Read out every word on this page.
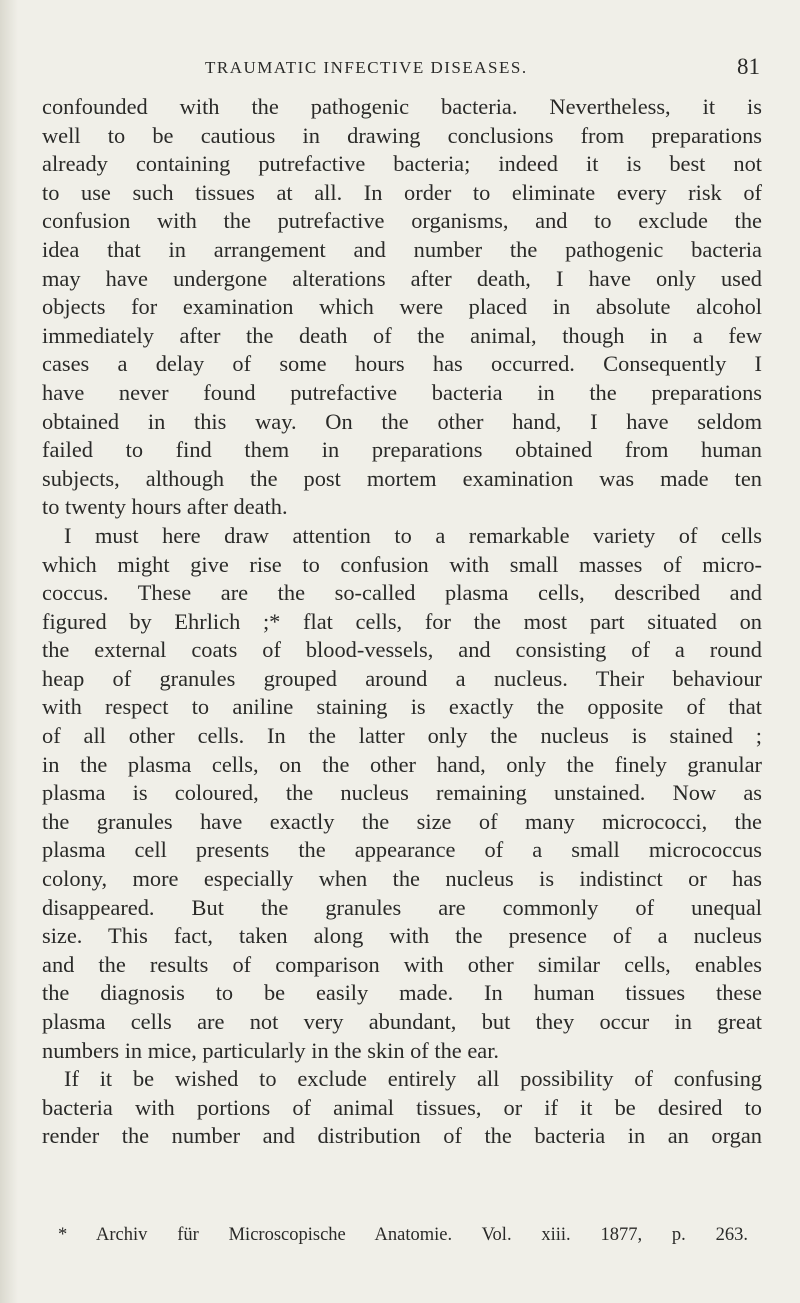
TRAUMATIC INFECTIVE DISEASES.	81
confounded with the pathogenic bacteria. Nevertheless, it is
well to be cautious in drawing conclusions from preparations
already containing putrefactive bacteria; indeed it is best not
to use such tissues at all. In order to eliminate every risk of
confusion with the putrefactive organisms, and to exclude the
idea that in arrangement and number the pathogenic bacteria
may have undergone alterations after death, I have only used
objects for examination which were placed in absolute alcohol
immediately after the death of the animal, though in a few
cases a delay of some hours has occurred. Consequently I
have never found putrefactive bacteria in the preparations
obtained in this way. On the other hand, I have seldom
failed to find them in preparations obtained from human
subjects, although the post mortem examination was made ten
to twenty hours after death.
I must here draw attention to a remarkable variety of cells
which might give rise to confusion with small masses of micro-
coccus. These are the so-called plasma cells, described and
figured by Ehrlich ;* flat cells, for the most part situated on
the external coats of blood-vessels, and consisting of a round
heap of granules grouped around a nucleus. Their behaviour
with respect to aniline staining is exactly the opposite of that
of all other cells. In the latter only the nucleus is stained ;
in the plasma cells, on the other hand, only the finely granular
plasma is coloured, the nucleus remaining unstained. Now as
the granules have exactly the size of many micrococci, the
plasma cell presents the appearance of a small micrococcus
colony, more especially when the nucleus is indistinct or has
disappeared. But the granules are commonly of unequal
size. This fact, taken along with the presence of a nucleus
and the results of comparison with other similar cells, enables
the diagnosis to be easily made. In human tissues these
plasma cells are not very abundant, but they occur in great
numbers in mice, particularly in the skin of the ear.
If it be wished to exclude entirely all possibility of confusing
bacteria with portions of animal tissues, or if it be desired to
render the number and distribution of the bacteria in an organ
* Archiv für Microscopische Anatomie. Vol. xiii. 1877, p. 263.
